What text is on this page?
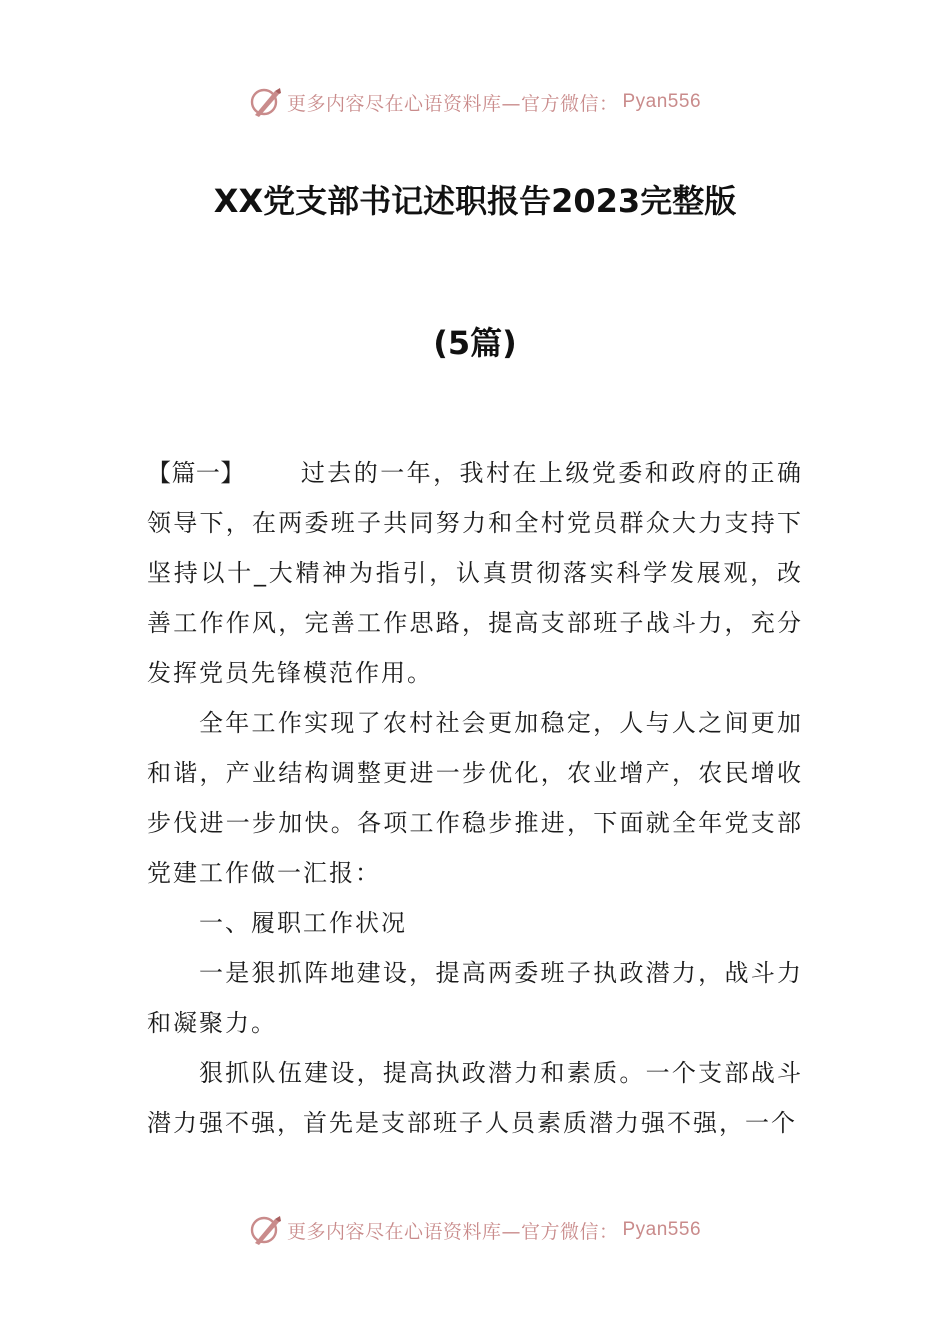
更多内容尽在心语资料库—官方微信： Pyan556
XX党支部书记述职报告2023完整版
(5篇)

【篇一】 过去的一年，我村在上级党委和政府的正确领导下，在两委班子共同努力和全村党员群众大力支持下坚持以十_大精神为指引，认真贯彻落实科学发展观，改善工作作风，完善工作思路，提高支部班子战斗力，充分发挥党员先锋模范作用。

全年工作实现了农村社会更加稳定，人与人之间更加和谐，产业结构调整更进一步优化，农业增产，农民增收步伐进一步加快。各项工作稳步推进，下面就全年党支部党建工作做一汇报：

一、履职工作状况

一是狠抓阵地建设，提高两委班子执政潜力，战斗力和凝聚力。

狠抓队伍建设，提高执政潜力和素质。一个支部战斗潜力强不强，首先是支部班子人员素质潜力强不强，一个

更多内容尽在心语资料库—官方微信： Pyan556
